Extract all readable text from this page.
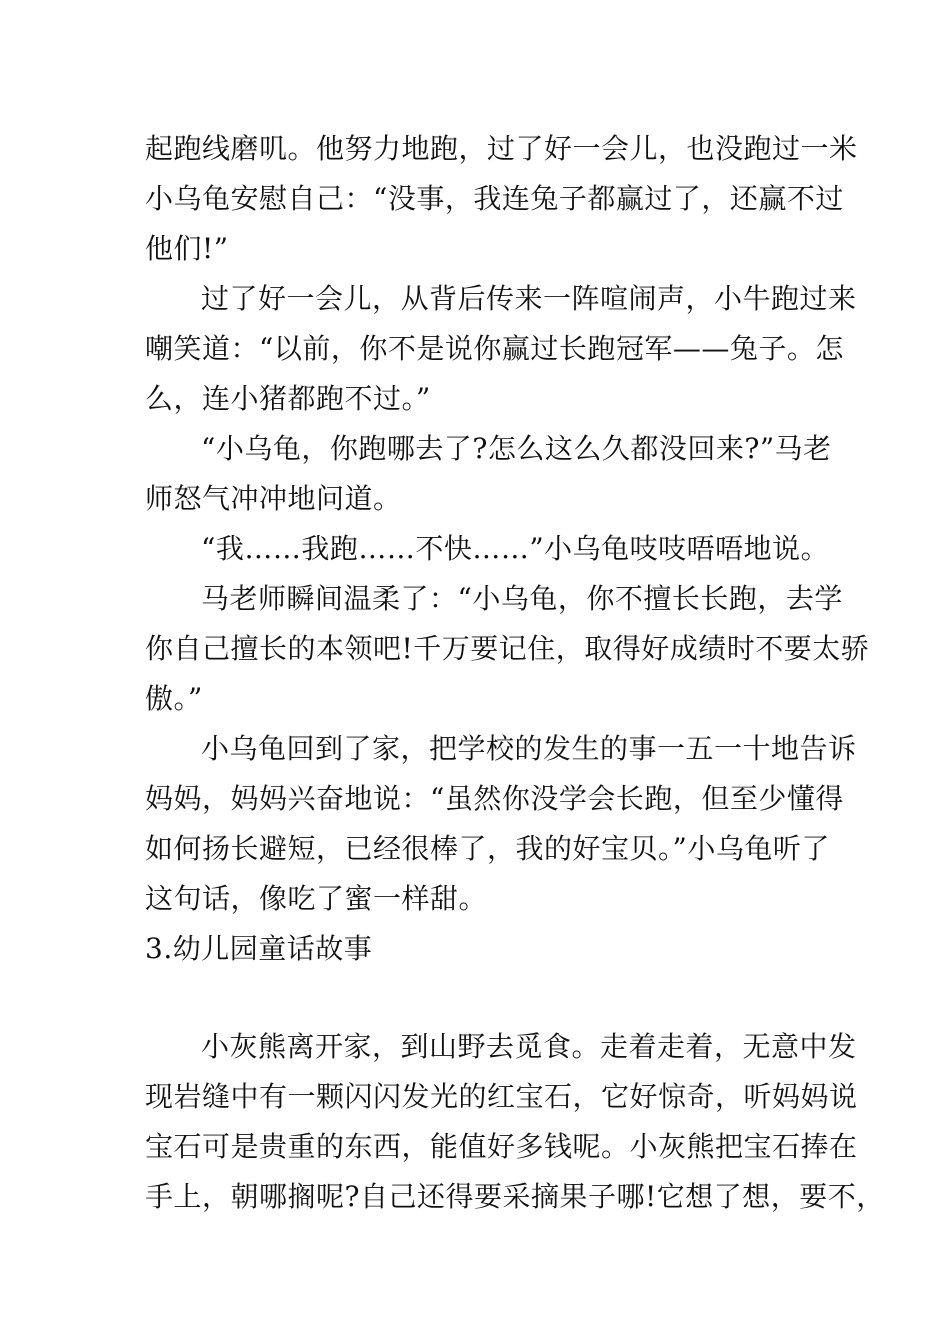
起跑线磨叽。他努力地跑，过了好一会儿，也没跑过一米
小乌龟安慰自己：“没事，我连兔子都赢过了，还赢不过
他们!”
过了好一会儿，从背后传来一阵喧闹声，小牛跑过来
嘲笑道：“以前，你不是说你赢过长跑冠军——兔子。怎
么，连小猪都跑不过。”
“小乌龟，你跑哪去了?怎么这么久都没回来?”马老
师怒气冲冲地问道。
“我……我跑……不快……”小乌龟吱吱唔唔地说。
马老师瞬间温柔了：“小乌龟，你不擅长长跑，去学
你自己擅长的本领吧!千万要记住，取得好成绩时不要太骄
傲。”
小乌龟回到了家，把学校的发生的事一五一十地告诉
妈妈，妈妈兴奋地说：“虽然你没学会长跑，但至少懂得
如何扬长避短，已经很棒了，我的好宝贝。”小乌龟听了
这句话，像吃了蜜一样甜。
3.幼儿园童话故事
小灰熊离开家，到山野去觅食。走着走着，无意中发
现岩缝中有一颗闪闪发光的红宝石，它好惊奇，听妈妈说
宝石可是贵重的东西，能值好多钱呢。小灰熊把宝石捧在
手上，朝哪搁呢?自己还得要采摘果子哪!它想了想，要不，
